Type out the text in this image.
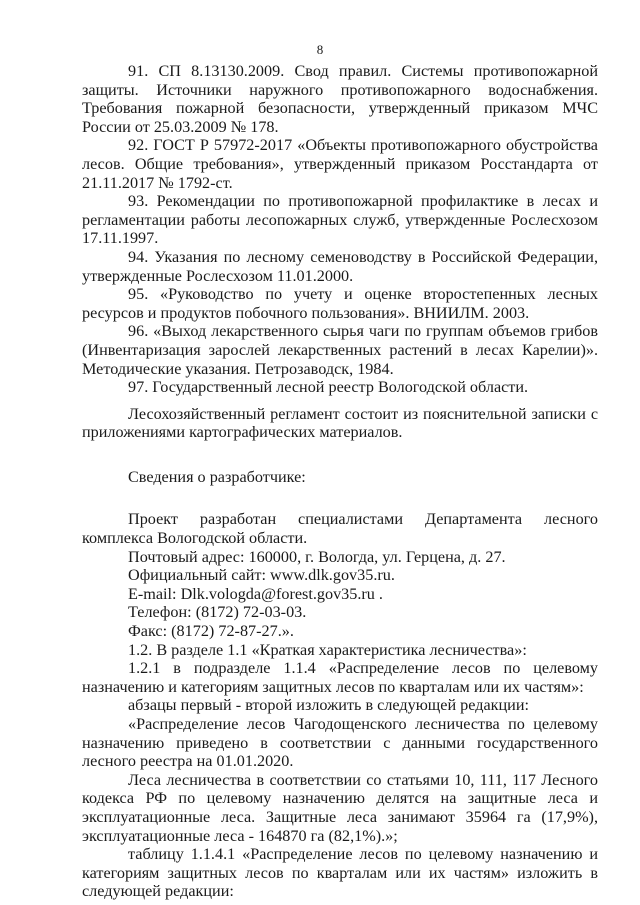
8

91. СП 8.13130.2009. Свод правил. Системы противопожарной защиты. Источники наружного противопожарного водоснабжения. Требования пожарной безопасности, утвержденный приказом МЧС России от 25.03.2009 № 178.

92. ГОСТ Р 57972-2017 «Объекты противопожарного обустройства лесов. Общие требования», утвержденный приказом Росстандарта от 21.11.2017 № 1792-ст.

93. Рекомендации по противопожарной профилактике в лесах и регламентации работы лесопожарных служб, утвержденные Рослесхозом 17.11.1997.

94. Указания по лесному семеноводству в Российской Федерации, утвержденные Рослесхозом 11.01.2000.

95. «Руководство по учету и оценке второстепенных лесных ресурсов и продуктов побочного пользования». ВНИИЛМ. 2003.

96. «Выход лекарственного сырья чаги по группам объемов грибов (Инвентаризация зарослей лекарственных растений в лесах Карелии)». Методические указания. Петрозаводск, 1984.

97. Государственный лесной реестр Вологодской области.

Лесохозяйственный регламент состоит из пояснительной записки с приложениями картографических материалов.

Сведения о разработчике:

Проект разработан специалистами Департамента лесного комплекса Вологодской области.

Почтовый адрес: 160000, г. Вологда, ул. Герцена, д. 27.

Официальный сайт: www.dlk.gov35.ru.

E-mail: Dlk.vologda@forest.gov35.ru .

Телефон: (8172) 72-03-03.

Факс: (8172) 72-87-27.».

1.2. В разделе 1.1 «Краткая характеристика лесничества»:

1.2.1 в подразделе 1.1.4 «Распределение лесов по целевому назначению и категориям защитных лесов по кварталам или их частям»:

абзацы первый - второй изложить в следующей редакции:

«Распределение лесов Чагодощенского лесничества по целевому назначению приведено в соответствии с данными государственного лесного реестра на 01.01.2020.

Леса лесничества в соответствии со статьями 10, 111, 117 Лесного кодекса РФ по целевому назначению делятся на защитные леса и эксплуатационные леса. Защитные леса занимают 35964 га (17,9%), эксплуатационные леса - 164870 га (82,1%).»;

таблицу 1.1.4.1 «Распределение лесов по целевому назначению и категориям защитных лесов по кварталам или их частям» изложить в следующей редакции:
